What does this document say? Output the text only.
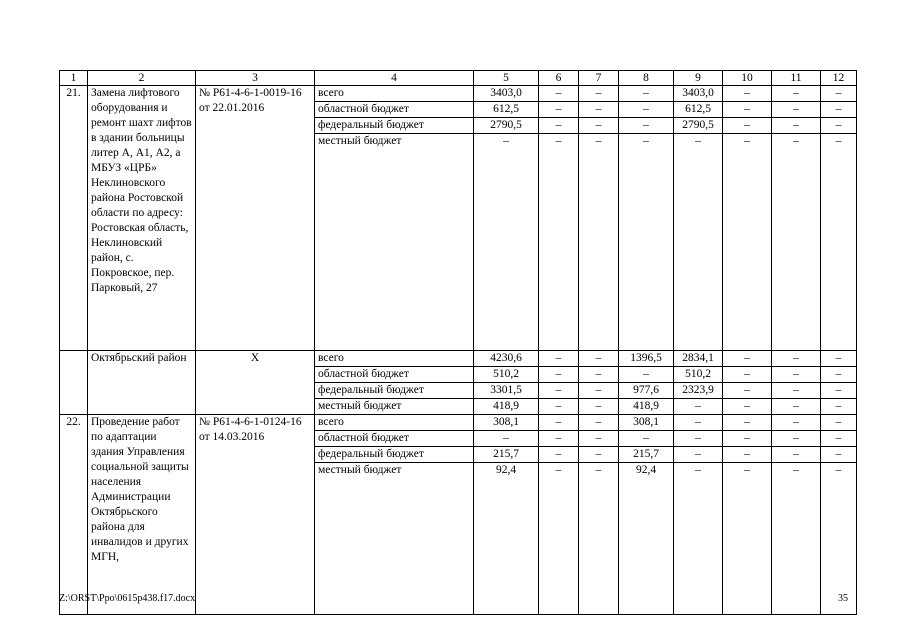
1	2	3	4	5	6	7	8	9	10	11	12
21.	Замена лифтового оборудования и ремонт шахт лифтов в здании больницы литер А, А1, А2, а МБУЗ «ЦРБ» Неклиновского района Ростовской области по адресу: Ростовская область, Неклиновский район, с. Покровское, пер. Парковый, 27	№ Р61-4-6-1-0019-16 от 22.01.2016	всего	3403,0	–	–	–	3403,0	–	–	–
			областной бюджет	612,5	–	–	–	612,5	–	–	–
			федеральный бюджет	2790,5	–	–	–	2790,5	–	–	–
			местный бюджет	–	–	–	–	–	–	–	–
	Октябрьский район	Х	всего	4230,6	–	–	1396,5	2834,1	–	–	–
			областной бюджет	510,2	–	–	–	510,2	–	–	–
			федеральный бюджет	3301,5	–	–	977,6	2323,9	–	–	–
			местный бюджет	418,9	–	–	418,9	–	–	–	–
22.	Проведение работ по адаптации здания Управления социальной защиты населения Администрации Октябрьского района для инвалидов и других МГН,	№ Р61-4-6-1-0124-16 от 14.03.2016	всего	308,1	–	–	308,1	–	–	–	–
			областной бюджет	–	–	–	–	–	–	–	–
			федеральный бюджет	215,7	–	–	215,7	–	–	–	–
			местный бюджет	92,4	–	–	92,4	–	–	–	–
Z:\ORST\Ppo\0615p438.f17.docx	35
